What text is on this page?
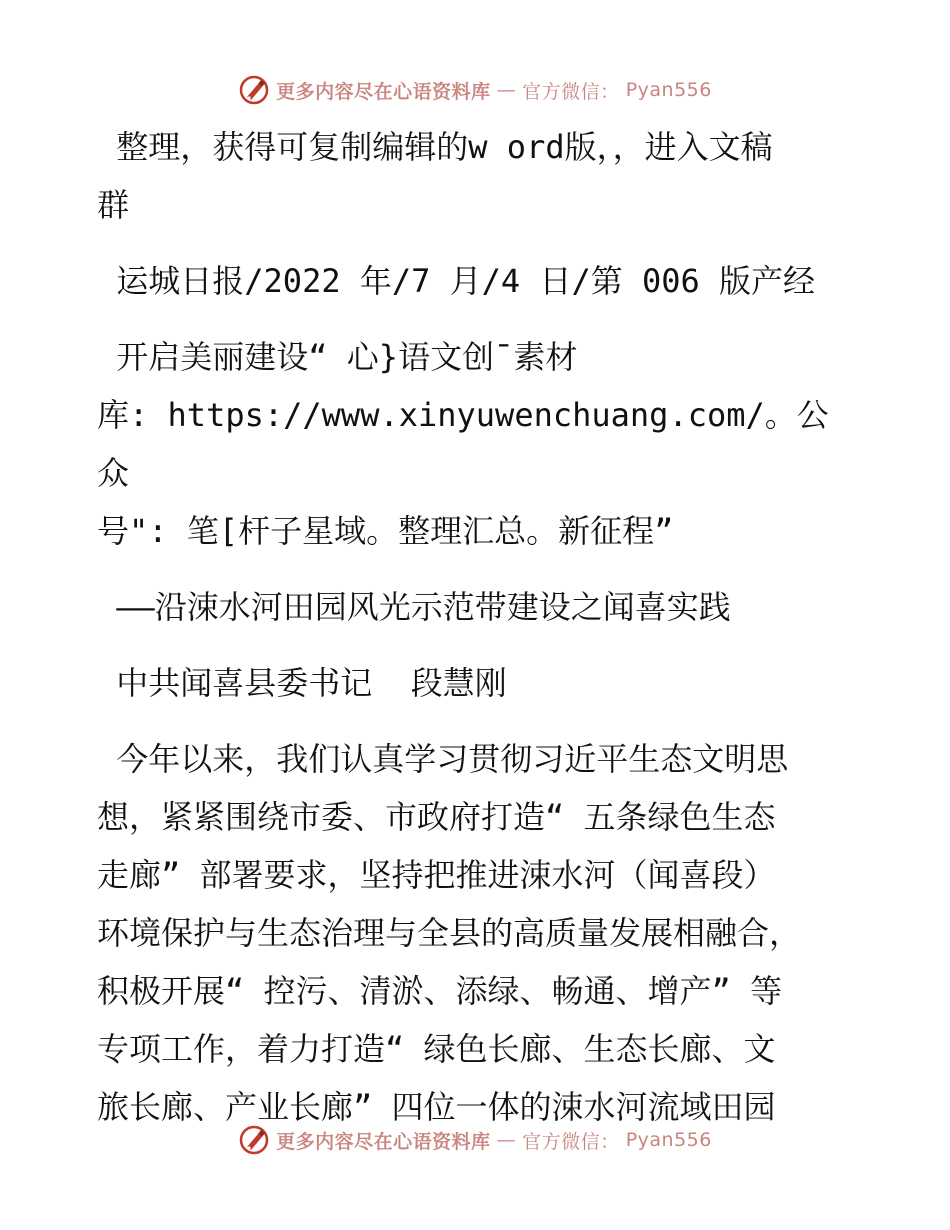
更多内容尽在心语资料库 — 官方微信： Pyan556

整理，获得可复制编辑的w ord版，，进入文稿

群

运城日报/2022 年/7 月/4 日/第 006 版产经

开启美丽建设“ 心}语文创¯素材

库: https://www.xinyuwenchuang.com/。公众

号": 笔[杆子星域。整理汇总。新征程”

——沿涑水河田园风光示范带建设之闻喜实践

中共闻喜县委书记  段慧刚

今年以来，我们认真学习贯彻习近平生态文明思

想，紧紧围绕市委、市政府打造“ 五条绿色生态

走廊” 部署要求，坚持把推进涑水河（闻喜段）

环境保护与生态治理与全县的高质量发展相融合，

积极开展“ 控污、清淤、添绿、畅通、增产” 等

专项工作，着力打造“ 绿色长廊、生态长廊、文

旅长廊、产业长廊” 四位一体的涑水河流域田园

更多内容尽在心语资料库 — 官方微信： Pyan556
